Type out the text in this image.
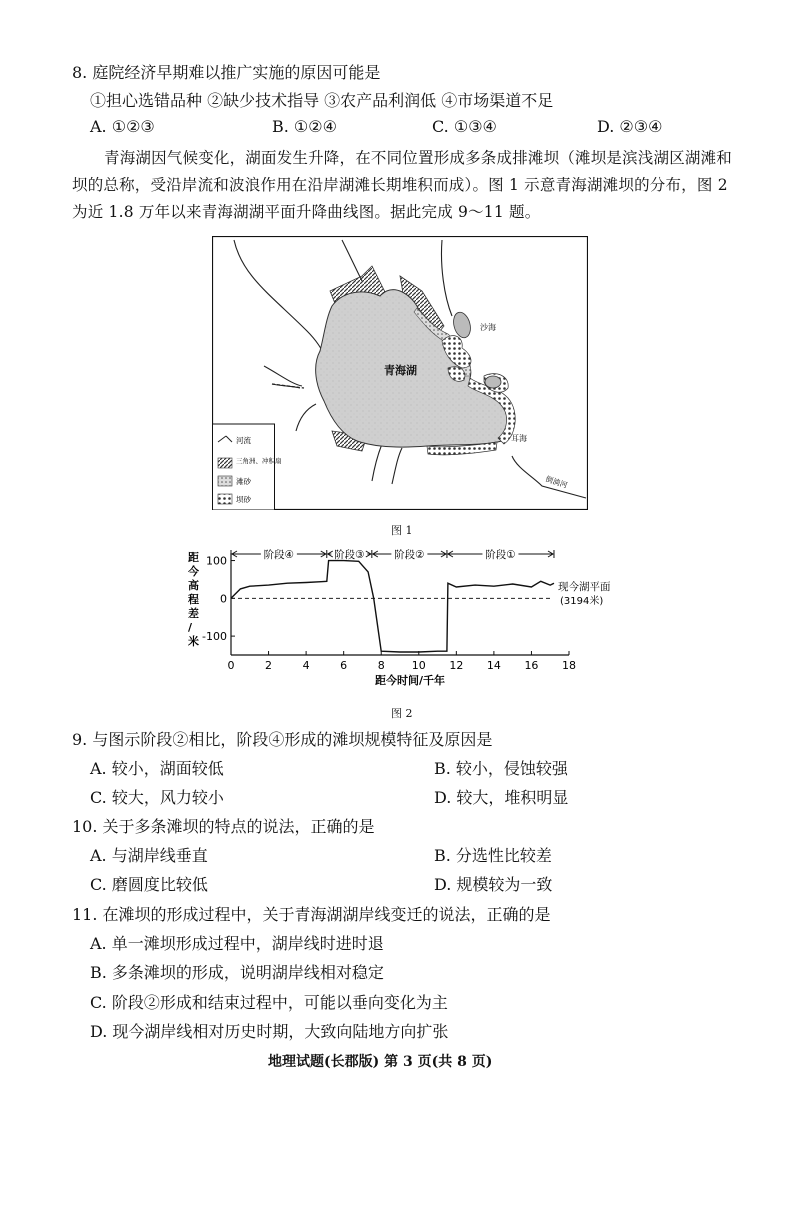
8. 庭院经济早期难以推广实施的原因可能是
①担心选错品种 ②缺少技术指导 ③农产品利润低 ④市场渠道不足
A. ①②③	B. ①②④	C. ①③④	D. ②③④
青海湖因气候变化，湖面发生升降，在不同位置形成多条成排滩坝（滩坝是滨浅湖区湖滩和
坝的总称，受沿岸流和波浪作用在沿岸湖滩长期堆积而成）。图 1 示意青海湖滩坝的分布，图 2
为近 1.8 万年以来青海湖湖平面升降曲线图。据此完成 9～11 题。
青海湖
沙海
耳海
倒淌河
河流
三角洲、冲积扇
滩砂
坝砂
图 1
0	2	4	6	8 10 12 14 16 18
100
0
-100
阶段④	阶段③	阶段②	阶段①
距今高程差/米
距今时间/千年
现今湖平面
(3194米)
图 2
9. 与图示阶段②相比，阶段④形成的滩坝规模特征及原因是
A. 较小，湖面较低	B. 较小，侵蚀较强
C. 较大，风力较小	D. 较大，堆积明显
10. 关于多条滩坝的特点的说法，正确的是
A. 与湖岸线垂直	B. 分选性比较差
C. 磨圆度比较低	D. 规模较为一致
11. 在滩坝的形成过程中，关于青海湖湖岸线变迁的说法，正确的是
A. 单一滩坝形成过程中，湖岸线时进时退
B. 多条滩坝的形成，说明湖岸线相对稳定
C. 阶段②形成和结束过程中，可能以垂向变化为主
D. 现今湖岸线相对历史时期，大致向陆地方向扩张
地理试题(长郡版) 第 3 页(共 8 页)
